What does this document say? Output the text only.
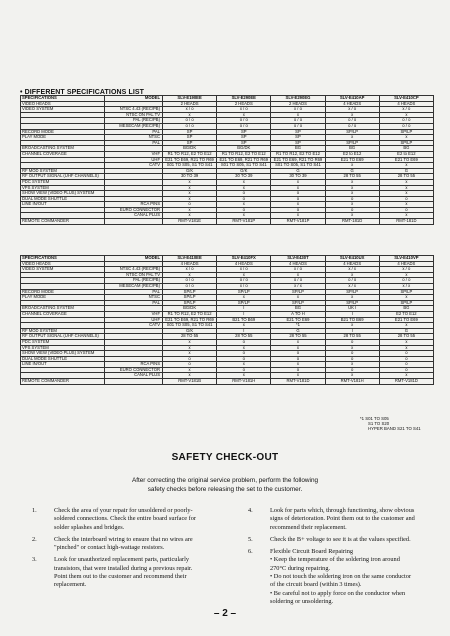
• DIFFERENT SPECIFICATIONS LIST
SPECIFICATIONS	MODEL	SLV-E190EE	SLV-E290EE	SLV-E290EG	SLV-E410AP	SLV-E410CP
VIDEO HEADS		2 HEADS	2 HEADS	2 HEADS	4 HEADS	4 HEADS
VIDEO SYSTEM	NTSC 4.43 (REC/PB)	x / o	x / o	x / o	x / o	x / o
	NTSC ON PAL TV	x	x	x	x	x
	PAL (REC/PB)	o / o	o / o	o / o	o / o	o / o
	MESECAM (REC/PB)	o / o	o / o	o / o	o / o	o / o
RECORD MODE	PAL	SP	SP	SP	SP/LP	SP/LP
PLAY MODE	NTSC	SP	SP	SP	x	x
	PAL	SP	SP	SP	SP/LP	SP/LP
BROADCASTING SYSTEM		BG/DK	BG/DK	BG	BG	BG
CHANNEL COVERAGE	VHF	R1 TO R12, E2 TO E12	R1 TO R12, E2 TO E12	R1 TO R12, E2 TO E12	E2 to E12	E2 to E12
	UHF	E21 TO E69, R21 TO R69	E21 TO E69, R21 TO R69	E21 TO E69, R21 TO R69	E21 TO E69	E21 TO E69
	CATV	S01 TO S05, S1 TO S41	S01 TO S05, S1 TO S41	S01 TO S05, S1 TO S41	x	x
RF MOD SYSTEM		G/K	G/K	G	G	G
RF OUTPUT SIGNAL (UHF CHANNELS)		30 TO 39	30 TO 39	30 TO 39	28 TO 55	28 TO 55
PDC SYSTEM		x	x	x	x	x
VPS SYSTEM		x	x	x	x	x
SHOW VIEW (VIDEO PLUS) SYSTEM		x	o	o	x	x
DUAL MODE SHUTTLE		x	o	o	o	o
LINE IN/OUT	RCA PINS	o	x	x	x	x
	EURO CONNECTOR	x	o	o	o	o
	CANAL PLUS	x	x	x	x	x
REMOTE COMMANDER		RMT-V181E	RMT-V181P	RMT-V181P	RMT-181D	RMT-181D
SPECIFICATIONS	MODEL	SLV-E410EE	SLV-E410FX	SLV-E430T	SLV-E410UX	SLV-E410VP
VIDEO HEADS		4 HEADS	4 HEADS	4 HEADS	4 HEADS	4 HEADS
VIDEO SYSTEM	NTSC 4.43 (REC/PB)	x / o	x / o	x / o	x / x	x / o
	NTSC ON PAL TV	x	x	x	x	x
	PAL (REC/PB)	o / o	o / o	o / o	o / o	o / o
	MESECAM (REC/PB)	o / o	x / o	x / x	x / x	x / x
RECORD MODE	PAL	SP/LP	SP/LP	SP/LP	SP/LP	SP/LP
PLAY MODE	NTSC	SP/LP	x	x	x	x
	PAL	SP/LP	SP/LP	SP/LP	SP/LP	SP/LP
BROADCASTING SYSTEM		BG/DK	I	BG	UK I	BG
CHANNEL COVERAGE	VHF	R1 TO R12, E2 TO E12	I	A TO H	I	E2 TO E12
	UHF	E21 TO E69, R21 TO R69	B21 TO B69	E21 TO E69	B21 TO B69	E21 TO E69
	CATV	S01 TO S05, S1 TO S41	x	*1	x	x
RF MOD SYSTEM		G/K	I	G	I	G
RF OUTPUT SIGNAL (UHF CHANNELS)		28 TO 55	28 TO 55	28 TO 55	28 TO 55	28 TO 55
PDC SYSTEM		x	o	x	o	x
VPS SYSTEM		x	x	x	x	x
SHOW VIEW (VIDEO PLUS) SYSTEM		x	o	o	o	o
DUAL MODE SHUTTLE		o	o	o	o	o
LINE IN/OUT	RCA PINS	o	x	x	x	o
	EURO CONNECTOR	x	o	o	o	o
	CANAL PLUS	x	x	x	x	x
REMOTE COMMANDER		RMT-V181B	RMT-V181H	RMT-V181D	RMT-V181H	RMT-V181D
*1 S01 TO S05
S1 TO S20
HYPER BAND S21 TO S41
SAFETY CHECK-OUT
After correcting the original service problem, perform the following
safety checks before releasing the set to the customer.
1.	Check the area of your repair for unsoldered or poorly-soldered connections. Check the entire board surface for solder splashes and bridges.
2.	Check the interboard wiring to ensure that no wires are "pinched" or contact high-wattage resistors.
3.	Look for unauthorized replacement parts, particularly transistors, that were installed during a previous repair. Point them out to the customer and recommend their replacement.
4.	Look for parts which, through functioning, show obvious signs of deterioration. Point them out to the customer and recommend their replacement.
5.	Check the B+ voltage to see it is at the values specified.
6.	Flexible Circuit Board Repairing
• Keep the temperature of the soldering iron around 270°C during repairing.
• Do not touch the soldering iron on the same conductor of the circuit board (within 3 times).
• Be careful not to apply force on the conductor when soldering or unsoldering.
– 2 –
